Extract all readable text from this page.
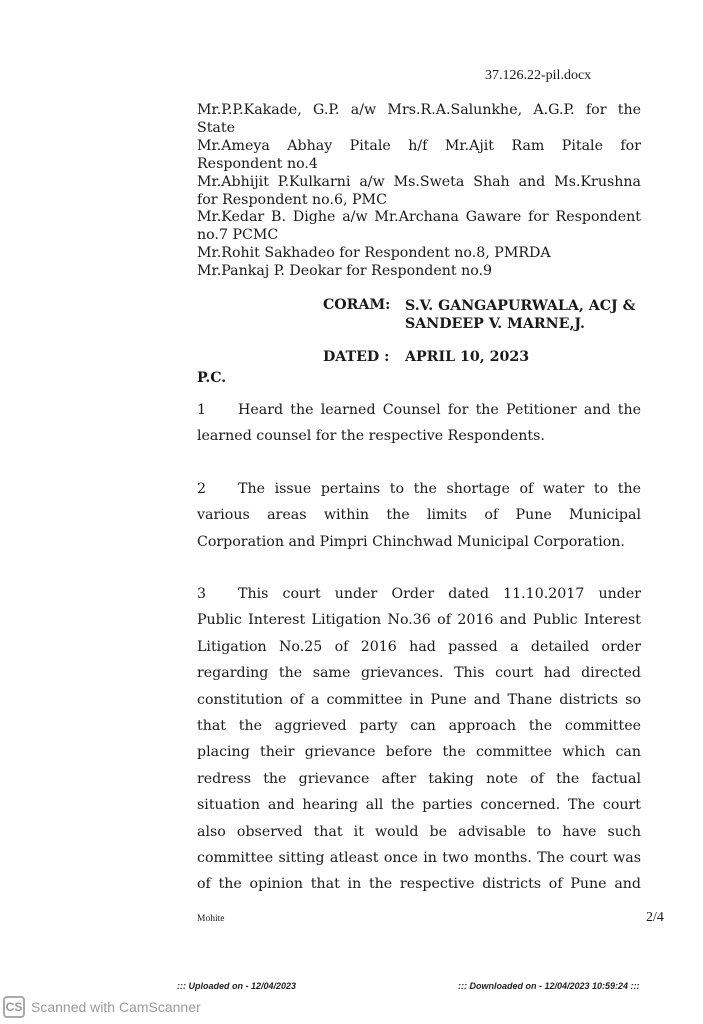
37.126.22-pil.docx
Mr.P.P.Kakade, G.P. a/w Mrs.R.A.Salunkhe, A.G.P. for the
State
Mr.Ameya Abhay Pitale h/f Mr.Ajit Ram Pitale for
Respondent no.4
Mr.Abhijit P.Kulkarni a/w Ms.Sweta Shah and Ms.Krushna
for Respondent no.6, PMC
Mr.Kedar B. Dighe a/w Mr.Archana Gaware for Respondent
no.7 PCMC
Mr.Rohit Sakhadeo for Respondent no.8, PMRDA
Mr.Pankaj P. Deokar for Respondent no.9
CORAM: S.V. GANGAPURWALA, ACJ &
SANDEEP V. MARNE,J.
DATED : APRIL 10, 2023
P.C.
1 Heard the learned Counsel for the Petitioner and the
learned counsel for the respective Respondents.
2 The issue pertains to the shortage of water to the
various areas within the limits of Pune Municipal
Corporation and Pimpri Chinchwad Municipal Corporation.
3 This court under Order dated 11.10.2017 under
Public Interest Litigation No.36 of 2016 and Public Interest
Litigation No.25 of 2016 had passed a detailed order
regarding the same grievances. This court had directed
constitution of a committee in Pune and Thane districts so
that the aggrieved party can approach the committee
placing their grievance before the committee which can
redress the grievance after taking note of the factual
situation and hearing all the parties concerned. The court
also observed that it would be advisable to have such
committee sitting atleast once in two months. The court was
of the opinion that in the respective districts of Pune and
Mohite	2/4
::: Uploaded on - 12/04/2023	::: Downloaded on - 12/04/2023 10:59:24 :::
CS Scanned with CamScanner
